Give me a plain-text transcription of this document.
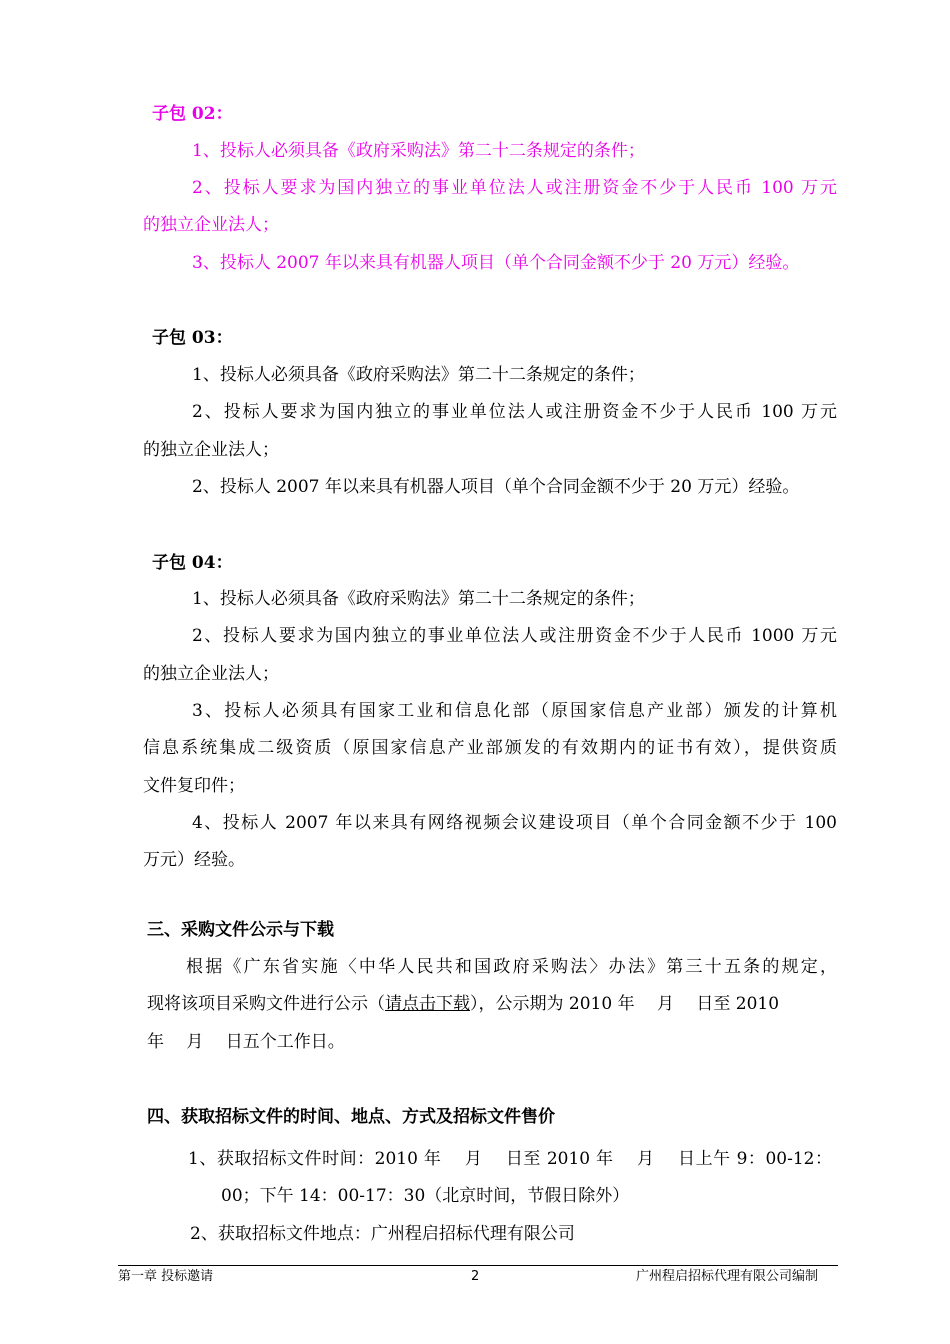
子包 02：
1、投标人必须具备《政府采购法》第二十二条规定的条件；
2、投标人要求为国内独立的事业单位法人或注册资金不少于人民币 100 万元
的独立企业法人；
3、投标人 2007 年以来具有机器人项目（单个合同金额不少于 20 万元）经验。
子包 03：
1、投标人必须具备《政府采购法》第二十二条规定的条件；
2、投标人要求为国内独立的事业单位法人或注册资金不少于人民币 100 万元
的独立企业法人；
2、投标人 2007 年以来具有机器人项目（单个合同金额不少于 20 万元）经验。
子包 04：
1、投标人必须具备《政府采购法》第二十二条规定的条件；
2、投标人要求为国内独立的事业单位法人或注册资金不少于人民币 1000 万元
的独立企业法人；
3、投标人必须具有国家工业和信息化部（原国家信息产业部）颁发的计算机
信息系统集成二级资质（原国家信息产业部颁发的有效期内的证书有效），提供资质
文件复印件；
4、投标人 2007 年以来具有网络视频会议建设项目（单个合同金额不少于 100
万元）经验。
三、采购文件公示与下载
根据《广东省实施〈中华人民共和国政府采购法〉办法》第三十五条的规定，
现将该项目采购文件进行公示（请点击下载），公示期为 2010 年　 月　 日至 2010
年　 月　 日五个工作日。
四、获取招标文件的时间、地点、方式及招标文件售价
1、获取招标文件时间：2010 年　 月　 日至 2010 年　 月　 日上午 9：00-12：
00；下午 14：00-17：30（北京时间，节假日除外）
2、获取招标文件地点：广州程启招标代理有限公司
第一章 投标邀请	2	广州程启招标代理有限公司编制
